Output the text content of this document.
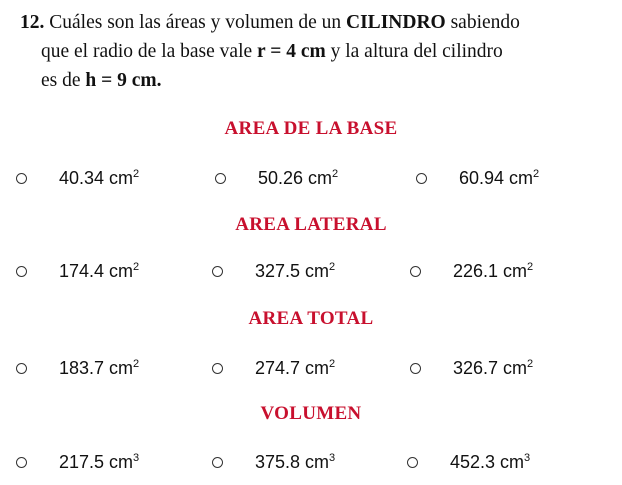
12. Cuáles son las áreas y volumen de un CILINDRO sabiendo
que el radio de la base vale r = 4 cm y la altura del cilindro
es de h = 9 cm.
AREA DE LA BASE
40.34 $cm^2$	50.26 $cm^2$	60.94 $cm^2$
AREA LATERAL
174.4 $cm^2$	327.5 $cm^2$	226.1 $cm^2$
AREA TOTAL
183.7 $cm^2$	274.7 $cm^2$	326.7 $cm^2$
VOLUMEN
217.5 $cm^3$	375.8 $cm^3$	452.3 $cm^3$
